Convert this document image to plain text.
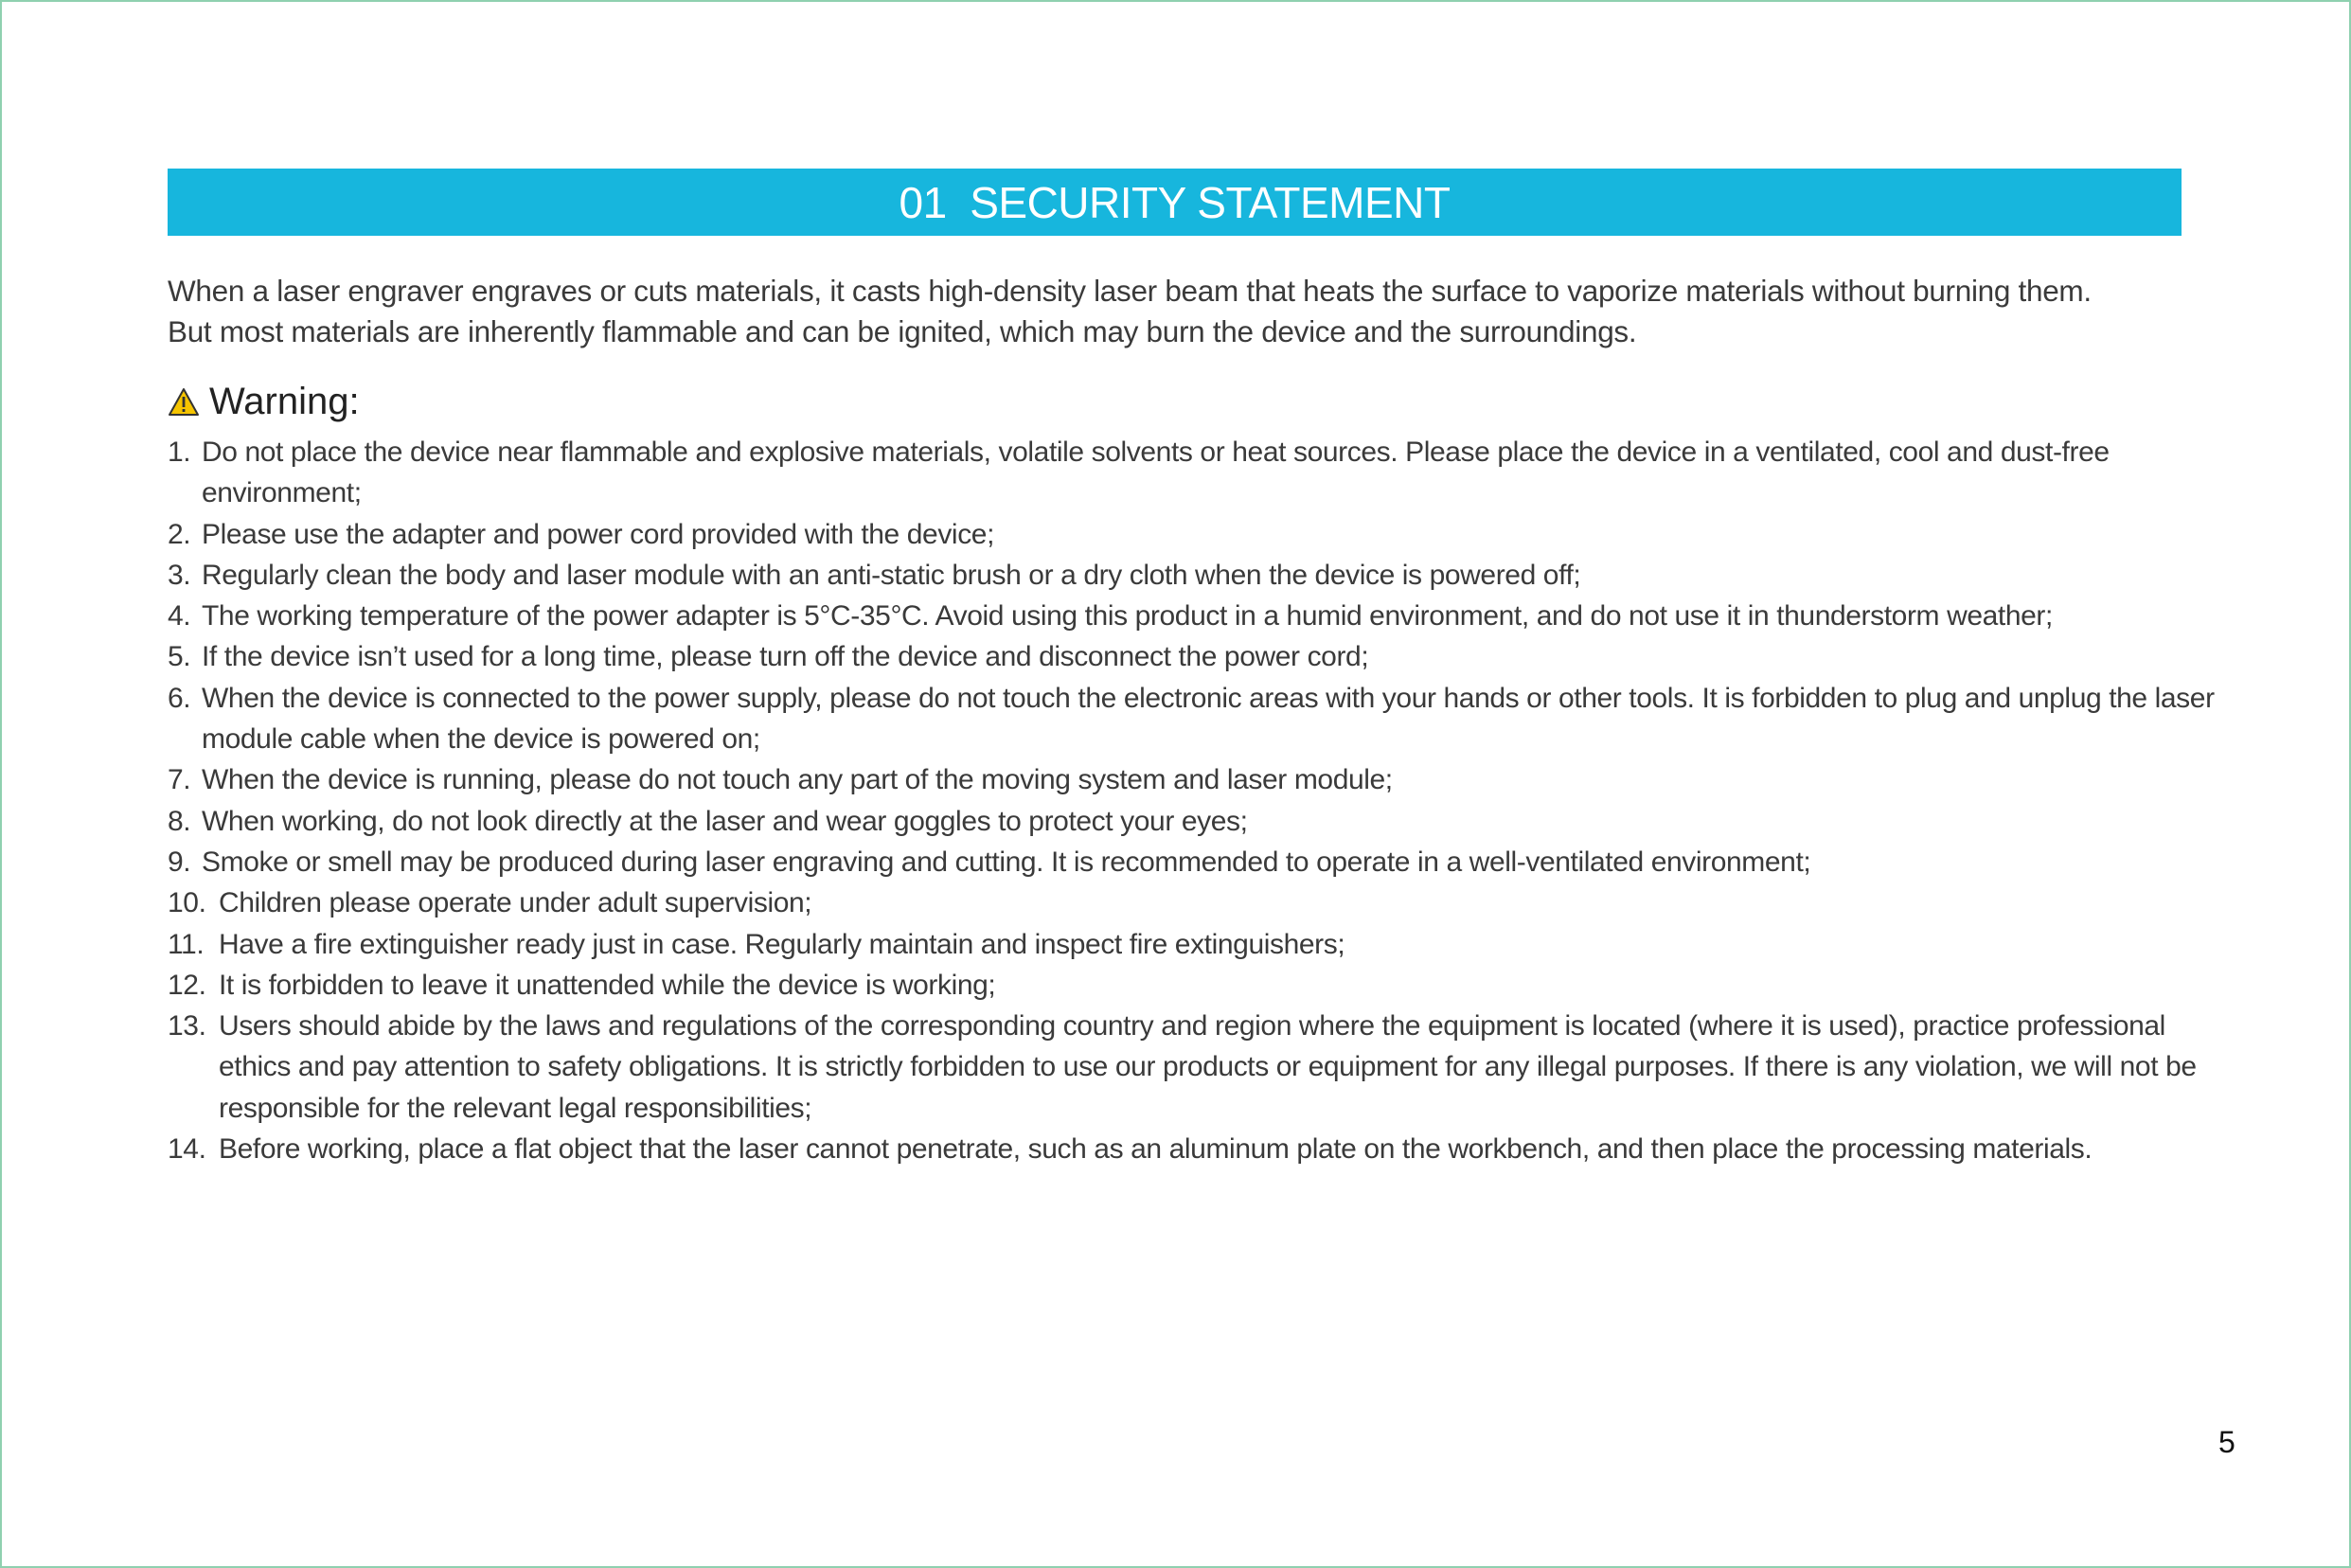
01  SECURITY STATEMENT

When a laser engraver engraves or cuts materials, it casts high-density laser beam that heats the surface to vaporize materials without burning them.

But most materials are inherently flammable and can be ignited, which may burn the device and the surroundings.

Warning:
1. Do not place the device near flammable and explosive materials, volatile solvents or heat sources. Please place the device in a ventilated, cool and dust-free environment;
2. Please use the adapter and power cord provided with the device;
3. Regularly clean the body and laser module with an anti-static brush or a dry cloth when the device is powered off;
4. The working temperature of the power adapter is 5°C-35°C. Avoid using this product in a humid environment, and do not use it in thunderstorm weather;
5. If the device isn’t used for a long time, please turn off the device and disconnect the power cord;
6. When the device is connected to the power supply, please do not touch the electronic areas with your hands or other tools. It is forbidden to plug and unplug the laser module cable when the device is powered on;
7. When the device is running, please do not touch any part of the moving system and laser module;
8. When working, do not look directly at the laser and wear goggles to protect your eyes;
9. Smoke or smell may be produced during laser engraving and cutting. It is recommended to operate in a well-ventilated environment;
10. Children please operate under adult supervision;
11. Have a fire extinguisher ready just in case. Regularly maintain and inspect fire extinguishers;
12. It is forbidden to leave it unattended while the device is working;
13. Users should abide by the laws and regulations of the corresponding country and region where the equipment is located (where it is used), practice professional ethics and pay attention to safety obligations. It is strictly forbidden to use our products or equipment for any illegal purposes. If there is any violation, we will not be responsible for the relevant legal responsibilities;
14. Before working, place a flat object that the laser cannot penetrate, such as an aluminum plate on the workbench, and then place the processing materials.
5
